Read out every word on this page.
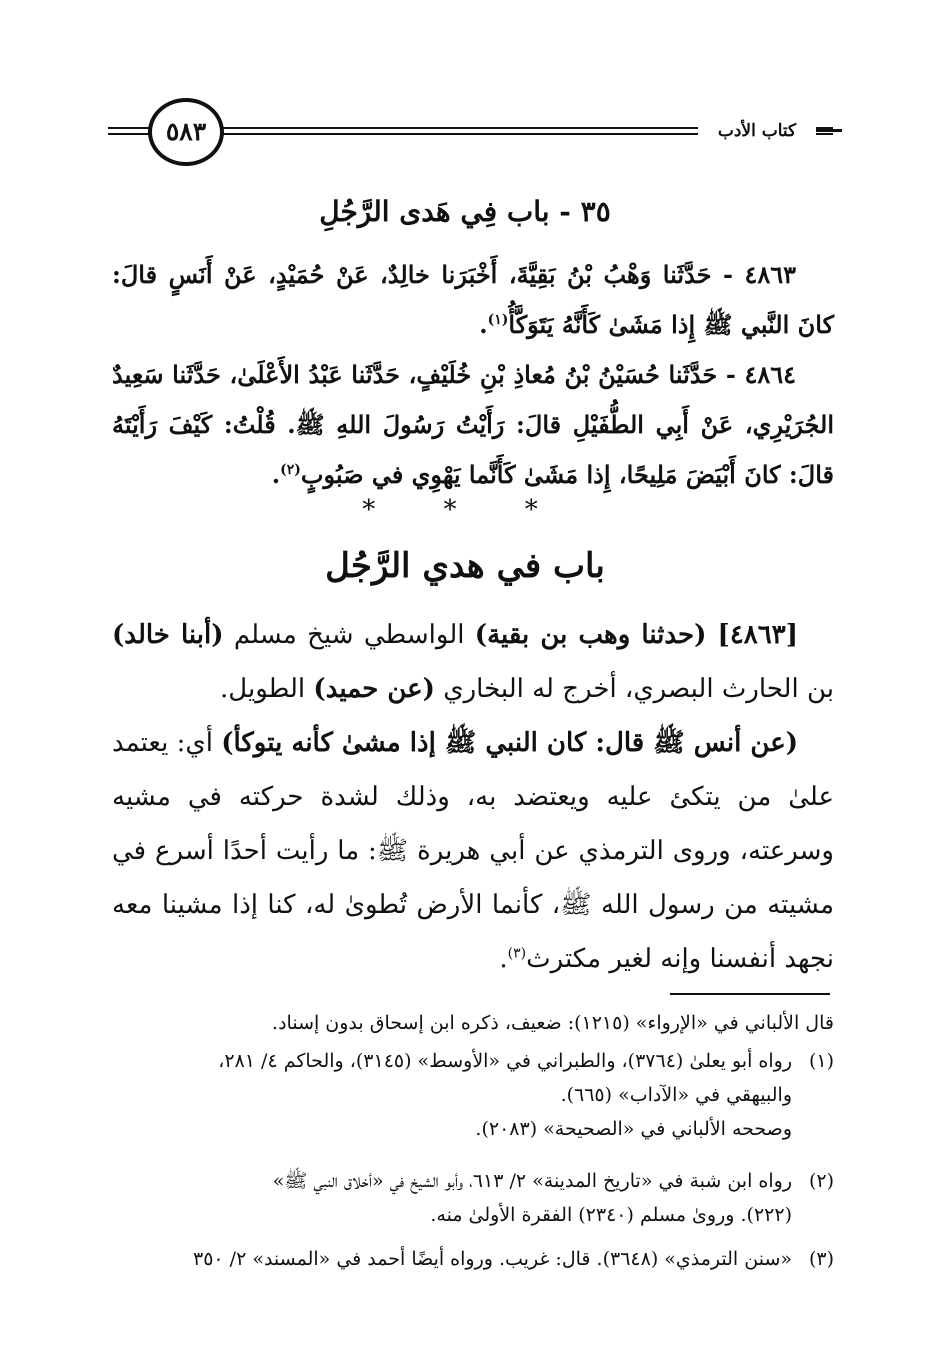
كتاب الأدب
٥٨٣
٣٥ - باب فِي هَدى الرَّجُلِ
٤٨٦٣ - حَدَّثَنا وَهْبُ بْنُ بَقِيَّةَ، أَخْبَرَنا خالِدٌ، عَنْ حُمَيْدٍ، عَنْ أَنَسٍ قالَ: كانَ النَّبي ﷺ إِذا مَشَىٰ كَأَنَّهُ يَتَوَكَّأُ$^{(١)}$.
٤٨٦٤ - حَدَّثَنا حُسَيْنُ بْنُ مُعاذِ بْنِ خُلَيْفٍ، حَدَّثَنا عَبْدُ الأَعْلَىٰ، حَدَّثَنا سَعِيدٌ الجُرَيْرِي، عَنْ أَبِي الطُّفَيْلِ قالَ: رَأَيْتُ رَسُولَ اللهِ ﷺ. قُلْتُ: كَيْفَ رَأَيْتَهُ قالَ: كانَ أَبْيَضَ مَلِيحًا، إِذا مَشَىٰ كَأَنَّما يَهْوِي في صَبُوبٍ$^{(٢)}$.
* * *
باب في هدي الرَّجُل
[٤٨٦٣] (حدثنا وهب بن بقية) الواسطي شيخ مسلم (أبنا خالد) بن الحارث البصري، أخرج له البخاري (عن حميد) الطويل.
(عن أنس ﷺ قال: كان النبي ﷺ إذا مشىٰ كأنه يتوكأ) أي: يعتمد علىٰ من يتكئ عليه ويعتضد به، وذلك لشدة حركته في مشيه وسرعته، وروى الترمذي عن أبي هريرة ﷺ: ما رأيت أحدًا أسرع في مشيته من رسول الله ﷺ، كأنما الأرض تُطوىٰ له، كنا إذا مشينا معه نجهد أنفسنا وإنه لغير مكترث$^{(٣)}$.
قال الألباني في «الإرواء» (١٢١٥): ضعيف، ذكره ابن إسحاق بدون إسناد.
(١)رواه أبو يعلىٰ (٣٧٦٤)، والطبراني في «الأوسط» (٣١٤٥)، والحاكم ٤/ ٢٨١،
والبيهقي في «الآداب» (٦٦٥).
وصححه الألباني في «الصحيحة» (٢٠٨٣).
(٢)رواه ابن شبة في «تاريخ المدينة» ٢/ ٦١٣، وأبو الشيخ في «أخلاق النبي ﷺ»
(٢٢٢). وروىٰ مسلم (٢٣٤٠) الفقرة الأولىٰ منه.
(٣)«سنن الترمذي» (٣٦٤٨). قال: غريب. ورواه أيضًا أحمد في «المسند» ٢/ ٣٥٠
